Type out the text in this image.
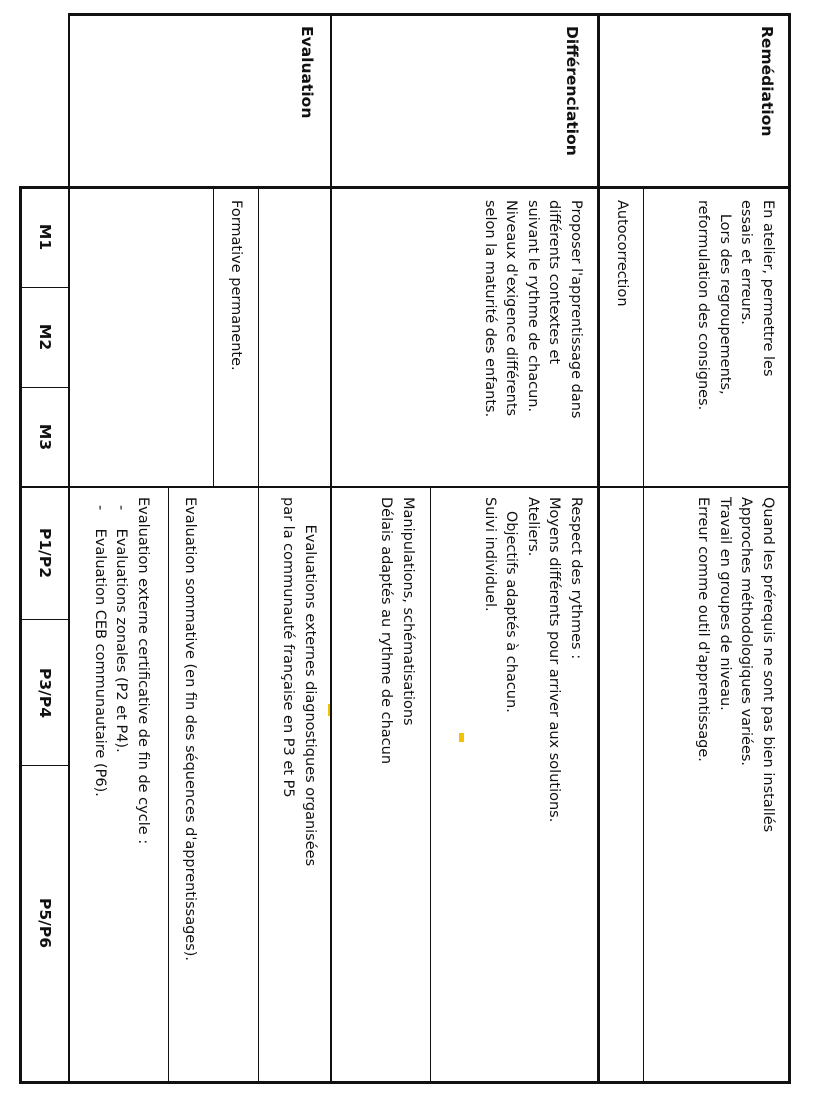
Remédiation
Différenciation
Evaluation
M1
M2
M3
P1/P2
P3/P4
P5/P6
En atelier, permettre les
essais et erreurs.
Lors des regroupements,
reformulation des consignes.
Autocorrection
Quand les prérequis ne sont pas bien installés
Approches méthodologiques variées.
Travail en groupes de niveau.
Erreur comme outil d'apprentissage.
Proposer l'apprentissage dans
différents contextes et
suivant le rythme de chacun.
Niveaux d'exigence différents
selon la maturité des enfants.
Respect des rythmes :
Moyens différents pour arriver aux solutions.
Ateliers.
Objectifs adaptés à chacun.
Suivi individuel.
Manipulations, schématisations
Délais adaptés au rythme de chacun
Formative permanente.
Evaluations externes diagnostiques organisées
par la communauté française en P3 et P5
Evaluation sommative (en fin des séquences d'apprentissages).
Evaluation externe certificative de fin de cycle :
-    Evaluations zonales (P2 et P4).
-    Evaluation CEB communautaire (P6).
